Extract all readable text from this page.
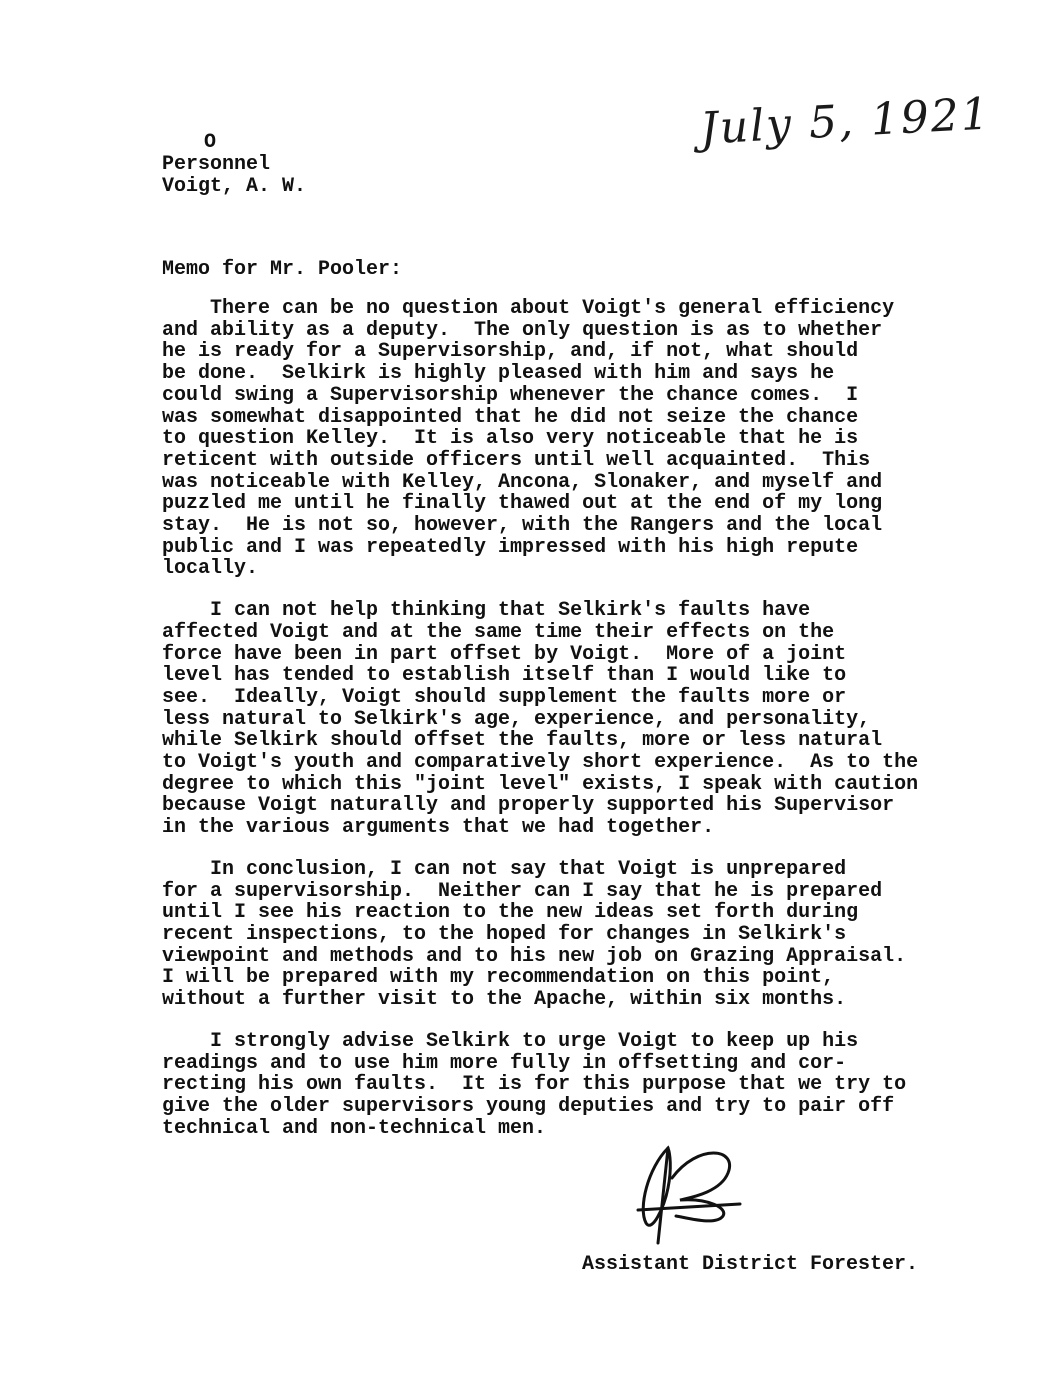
July 5, 1921
O
Personnel
Voigt, A. W.
Memo for Mr. Pooler:

There can be no question about Voigt's general efficiency
and ability as a deputy.  The only question is as to whether
he is ready for a Supervisorship, and, if not, what should
be done.  Selkirk is highly pleased with him and says he
could swing a Supervisorship whenever the chance comes.  I
was somewhat disappointed that he did not seize the chance
to question Kelley.  It is also very noticeable that he is
reticent with outside officers until well acquainted.  This
was noticeable with Kelley, Ancona, Slonaker, and myself and
puzzled me until he finally thawed out at the end of my long
stay.  He is not so, however, with the Rangers and the local
public and I was repeatedly impressed with his high repute
locally.

I can not help thinking that Selkirk's faults have
affected Voigt and at the same time their effects on the
force have been in part offset by Voigt.  More of a joint
level has tended to establish itself than I would like to
see.  Ideally, Voigt should supplement the faults more or
less natural to Selkirk's age, experience, and personality,
while Selkirk should offset the faults, more or less natural
to Voigt's youth and comparatively short experience.  As to the
degree to which this "joint level" exists, I speak with caution
because Voigt naturally and properly supported his Supervisor
in the various arguments that we had together.

In conclusion, I can not say that Voigt is unprepared
for a supervisorship.  Neither can I say that he is prepared
until I see his reaction to the new ideas set forth during
recent inspections, to the hoped for changes in Selkirk's
viewpoint and methods and to his new job on Grazing Appraisal.
I will be prepared with my recommendation on this point,
without a further visit to the Apache, within six months.

I strongly advise Selkirk to urge Voigt to keep up his
readings and to use him more fully in offsetting and cor-
recting his own faults.  It is for this purpose that we try to
give the older supervisors young deputies and try to pair off
technical and non-technical men.

Assistant District Forester.
